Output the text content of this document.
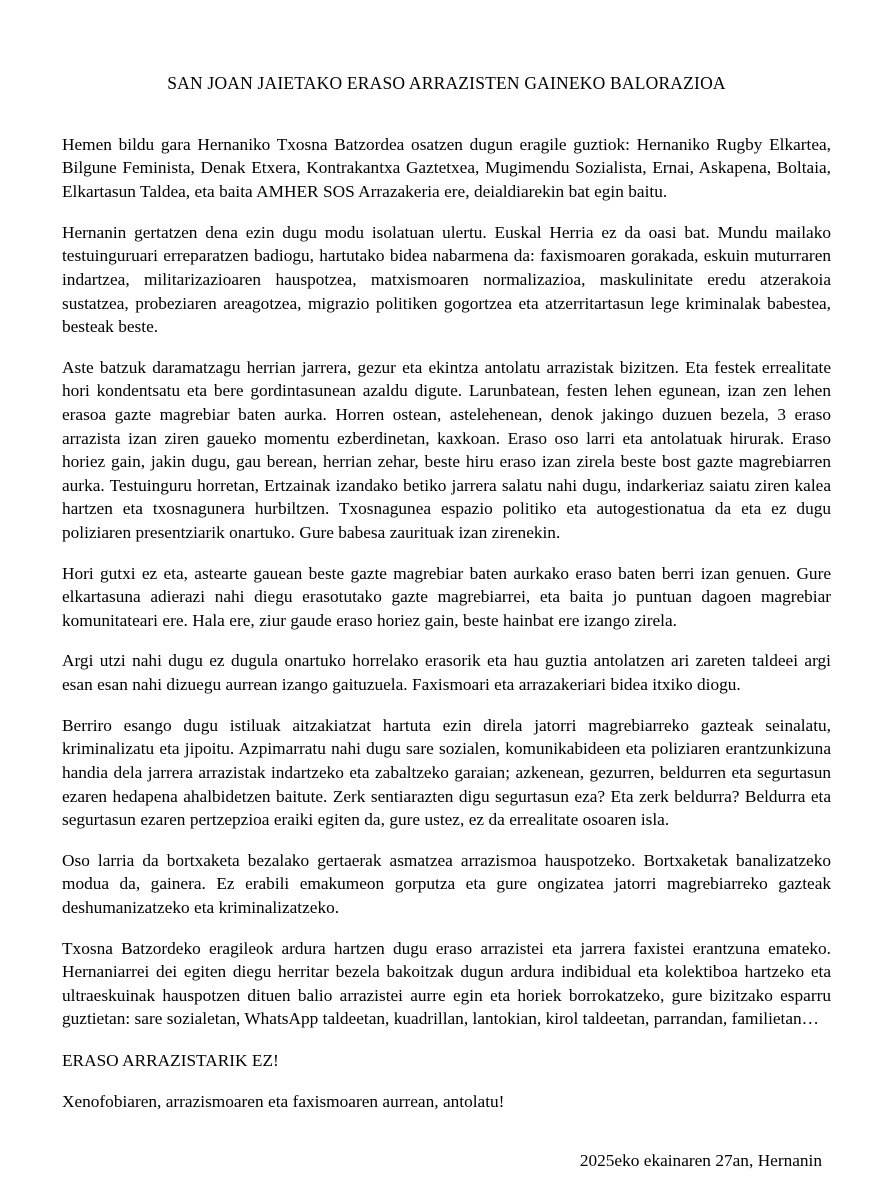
SAN JOAN JAIETAKO ERASO ARRAZISTEN GAINEKO BALORAZIOA

Hemen bildu gara Hernaniko Txosna Batzordea osatzen dugun eragile guztiok: Hernaniko Rugby Elkartea, Bilgune Feminista, Denak Etxera, Kontrakantxa Gaztetxea, Mugimendu Sozialista, Ernai, Askapena, Boltaia, Elkartasun Taldea, eta baita AMHER SOS Arrazakeria ere, deialdiarekin bat egin baitu.

Hernanin gertatzen dena ezin dugu modu isolatuan ulertu. Euskal Herria ez da oasi bat. Mundu mailako testuinguruari erreparatzen badiogu, hartutako bidea nabarmena da: faxismoaren gorakada, eskuin muturraren indartzea, militarizazioaren hauspotzea, matxismoaren normalizazioa, maskulinitate eredu atzerakoia sustatzea, probeziaren areagotzea, migrazio politiken gogortzea eta atzerritartasun lege kriminalak babestea, besteak beste.

Aste batzuk daramatzagu herrian jarrera, gezur eta ekintza antolatu arrazistak bizitzen. Eta festek errealitate hori kondentsatu eta bere gordintasunean azaldu digute. Larunbatean, festen lehen egunean, izan zen lehen erasoa gazte magrebiar baten aurka. Horren ostean, astelehenean, denok jakingo duzuen bezela, 3 eraso arrazista izan ziren gaueko momentu ezberdinetan, kaxkoan. Eraso oso larri eta antolatuak hirurak. Eraso horiez gain, jakin dugu, gau berean, herrian zehar, beste hiru eraso izan zirela beste bost gazte magrebiarren aurka. Testuinguru horretan, Ertzainak izandako betiko jarrera salatu nahi dugu, indarkeriaz saiatu ziren kalea hartzen eta txosnagunera hurbiltzen. Txosnagunea espazio politiko eta autogestionatua da eta ez dugu poliziaren presentziarik onartuko. Gure babesa zaurituak izan zirenekin.

Hori gutxi ez eta, astearte gauean beste gazte magrebiar baten aurkako eraso baten berri izan genuen. Gure elkartasuna adierazi nahi diegu erasotutako gazte magrebiarrei, eta baita jo puntuan dagoen magrebiar komunitateari ere. Hala ere, ziur gaude eraso horiez gain, beste hainbat ere izango zirela.

Argi utzi nahi dugu ez dugula onartuko horrelako erasorik eta hau guztia antolatzen ari zareten taldeei argi esan esan nahi dizuegu aurrean izango gaituzuela. Faxismoari eta arrazakeriari bidea itxiko diogu.

Berriro esango dugu istiluak aitzakiatzat hartuta ezin direla jatorri magrebiarreko gazteak seinalatu, kriminalizatu eta jipoitu. Azpimarratu nahi dugu sare sozialen, komunikabideen eta poliziaren erantzunkizuna handia dela jarrera arrazistak indartzeko eta zabaltzeko garaian; azkenean, gezurren, beldurren eta segurtasun ezaren hedapena ahalbidetzen baitute. Zerk sentiarazten digu segurtasun eza? Eta zerk beldurra? Beldurra eta segurtasun ezaren pertzepzioa eraiki egiten da, gure ustez, ez da errealitate osoaren isla.

Oso larria da bortxaketa bezalako gertaerak asmatzea arrazismoa hauspotzeko. Bortxaketak banalizatzeko modua da, gainera. Ez erabili emakumeon gorputza eta gure ongizatea jatorri magrebiarreko gazteak deshumanizatzeko eta kriminalizatzeko.

Txosna Batzordeko eragileok ardura hartzen dugu eraso arrazistei eta jarrera faxistei erantzuna emateko. Hernaniarrei dei egiten diegu herritar bezela bakoitzak dugun ardura indibidual eta kolektiboa hartzeko eta ultraeskuinak hauspotzen dituen balio arrazistei aurre egin eta horiek borrokatzeko, gure bizitzako esparru guztietan: sare sozialetan, WhatsApp taldeetan, kuadrillan, lantokian, kirol taldeetan, parrandan, familietan…

ERASO ARRAZISTARIK EZ!

Xenofobiaren, arrazismoaren eta faxismoaren aurrean, antolatu!

2025eko ekainaren 27an, Hernanin
